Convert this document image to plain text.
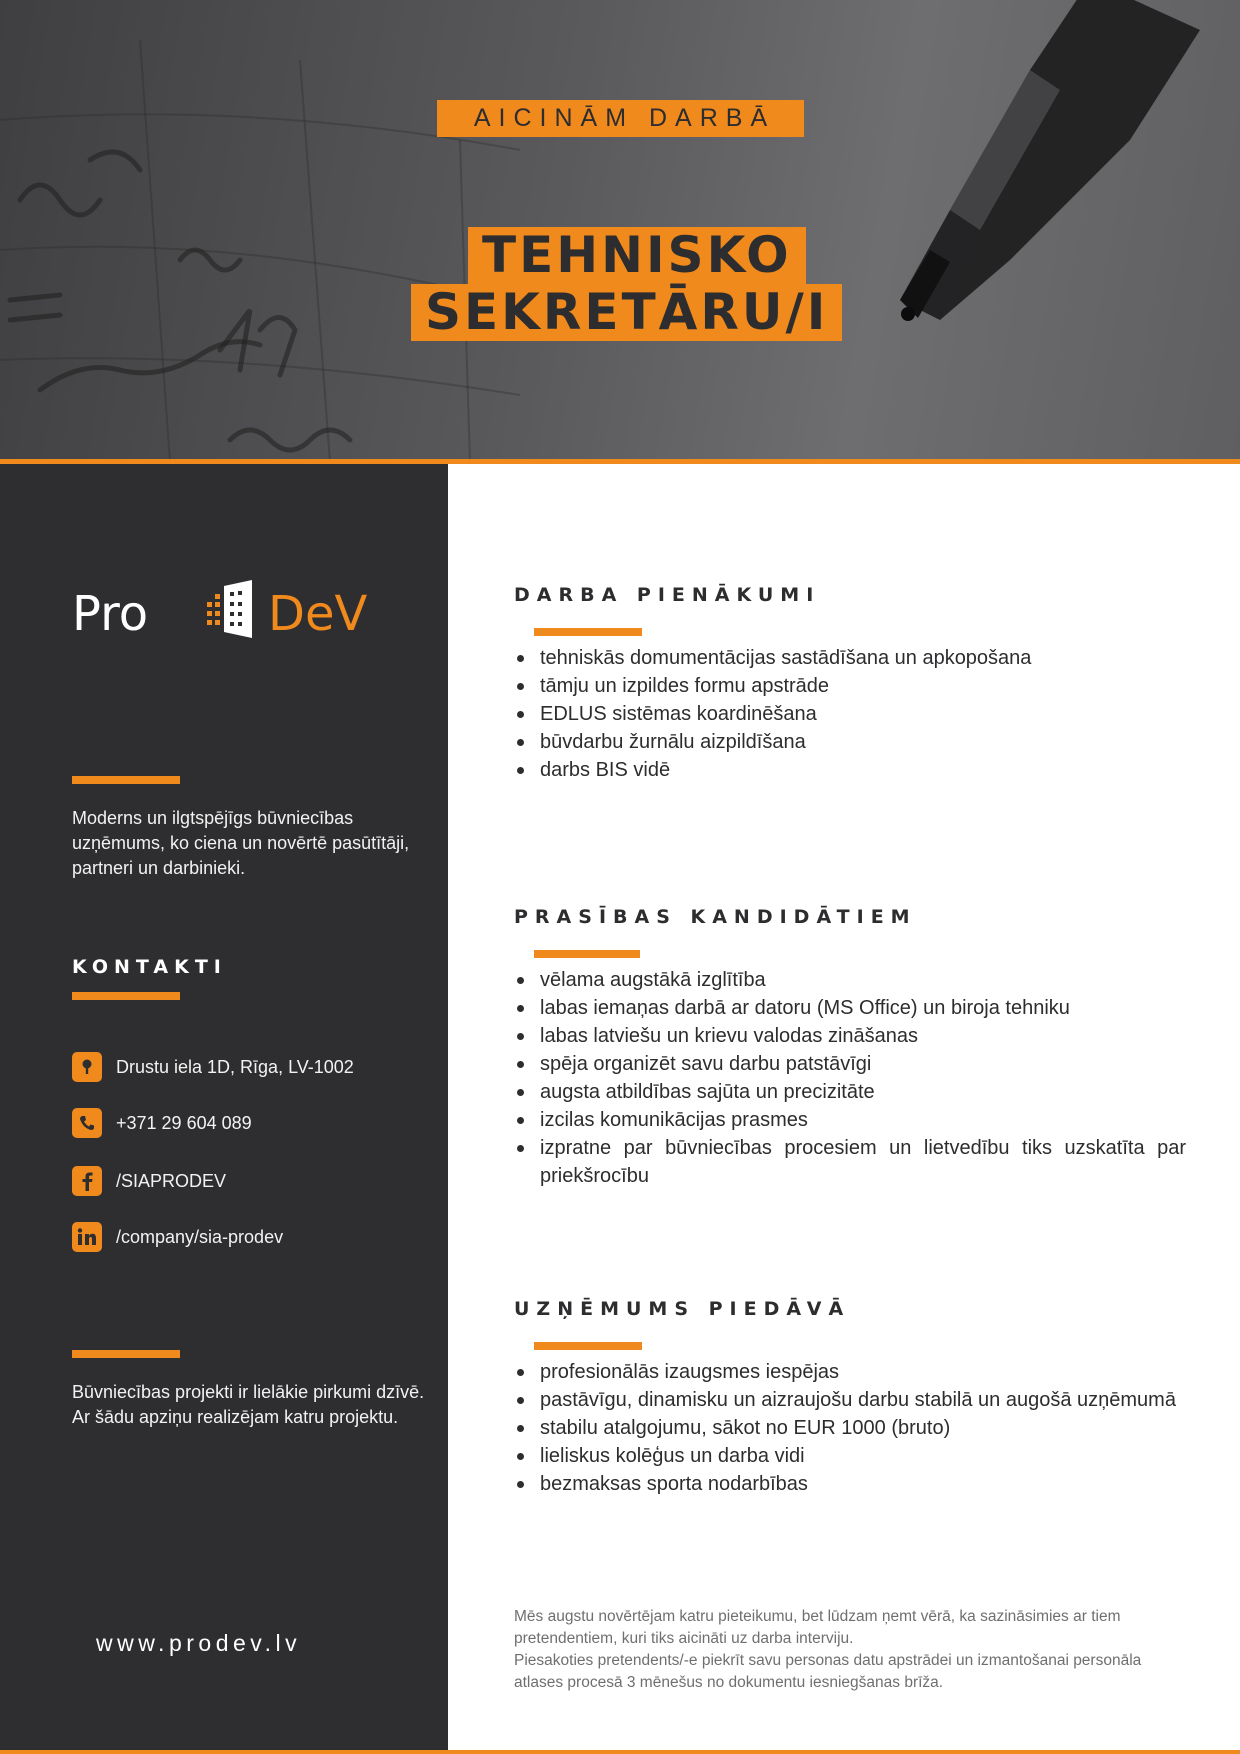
AICINĀM DARBĀ
TEHNISKO
SEKRETĀRU/I
Pro DeV
Moderns un ilgtspējīgs būvniecības uzņēmums, ko ciena un novērtē pasūtītāji, partneri un darbinieki.
KONTAKTI
Drustu iela 1D, Rīga, LV-1002
+371 29 604 089
/SIAPRODEV
/company/sia-prodev
Būvniecības projekti ir lielākie pirkumi dzīvē. Ar šādu apziņu realizējam katru projektu.
www.prodev.lv
DARBA PIENĀKUMI
tehniskās domumentācijas sastādīšana un apkopošana
tāmju un izpildes formu apstrāde
EDLUS sistēmas koardinēšana
būvdarbu žurnālu aizpildīšana
darbs BIS vidē
PRASĪBAS KANDIDĀTIEM
vēlama augstākā izglītība
labas iemaņas darbā ar datoru (MS Office) un biroja tehniku
labas latviešu un krievu valodas zināšanas
spēja organizēt savu darbu patstāvīgi
augsta atbildības sajūta un precizitāte
izcilas komunikācijas prasmes
izpratne par būvniecības procesiem un lietvedību tiks uzskatīta par priekšrocību
UZŅĒMUMS PIEDĀVĀ
profesionālās izaugsmes iespējas
pastāvīgu, dinamisku un aizraujošu darbu stabilā un augošā uzņēmumā
stabilu atalgojumu, sākot no EUR 1000 (bruto)
lieliskus kolēģus un darba vidi
bezmaksas sporta nodarbības
Mēs augstu novērtējam katru pieteikumu, bet lūdzam ņemt vērā, ka sazināsimies ar tiem pretendentiem, kuri tiks aicināti uz darba interviju.
Piesakoties pretendents/-e piekrīt savu personas datu apstrādei un izmantošanai personāla atlases procesā 3 mēnešus no dokumentu iesniegšanas brīža.
